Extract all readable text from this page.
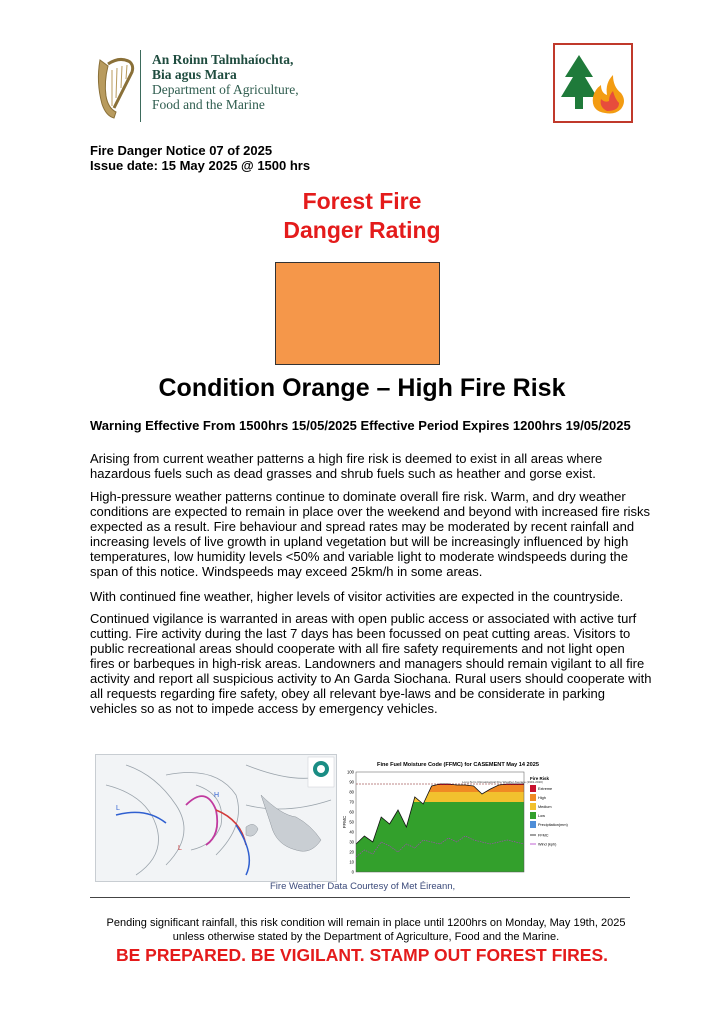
An Roinn Talmhaíochta,
Bia agus Mara
Department of Agriculture,
Food and the Marine
Fire Danger Notice 07 of 2025
Issue date: 15 May 2025 @ 1500 hrs
Forest Fire
Danger Rating
Condition Orange – High Fire Risk
Warning Effective From 1500hrs 15/05/2025 Effective Period Expires 1200hrs 19/05/2025
Arising from current weather patterns a high fire risk is deemed to exist in all areas where hazardous fuels such as dead grasses and shrub fuels such as heather and gorse exist.
High-pressure weather patterns continue to dominate overall fire risk. Warm, and dry weather conditions are expected to remain in place over the weekend and beyond with increased fire risks expected as a result. Fire behaviour and spread rates may be moderated by recent rainfall and increasing levels of live growth in upland vegetation but will be increasingly influenced by high temperatures, low humidity levels <50% and variable light to moderate windspeeds during the span of this notice. Windspeeds may exceed 25km/h in some areas.
With continued fine weather, higher levels of visitor activities are expected in the countryside.
Continued vigilance is warranted in areas with open public access or associated with active turf cutting. Fire activity during the last 7 days has been focussed on peat cutting areas. Visitors to public recreational areas should cooperate with all fire safety requirements and not light open fires or barbeques in high-risk areas. Landowners and managers should remain vigilant to all fire activity and report all suspicious activity to An Garda Siochana. Rural users should cooperate with all requests regarding fire safety, obey all relevant bye-laws and be considerate in parking vehicles so as not to impede access by emergency vehicles.
L
H
L
Fine Fuel Moisture Code (FFMC) for CASEMENT May 14 2025
Long-Term Climatological Fire Weather Average (1991-2020)
100
90
80
70
60
50
40
30
20
10
0
FFMC
Fire Risk
Extreme
High
Medium
Low
Precipitation(mm)
FFMC
Wind (kph)
Fire Weather Data Courtesy of Met Éireann,
Pending significant rainfall, this risk condition will remain in place until 1200hrs on Monday, May 19th, 2025 unless otherwise stated by the Department of Agriculture, Food and the Marine.
BE PREPARED. BE VIGILANT. STAMP OUT FOREST FIRES.
